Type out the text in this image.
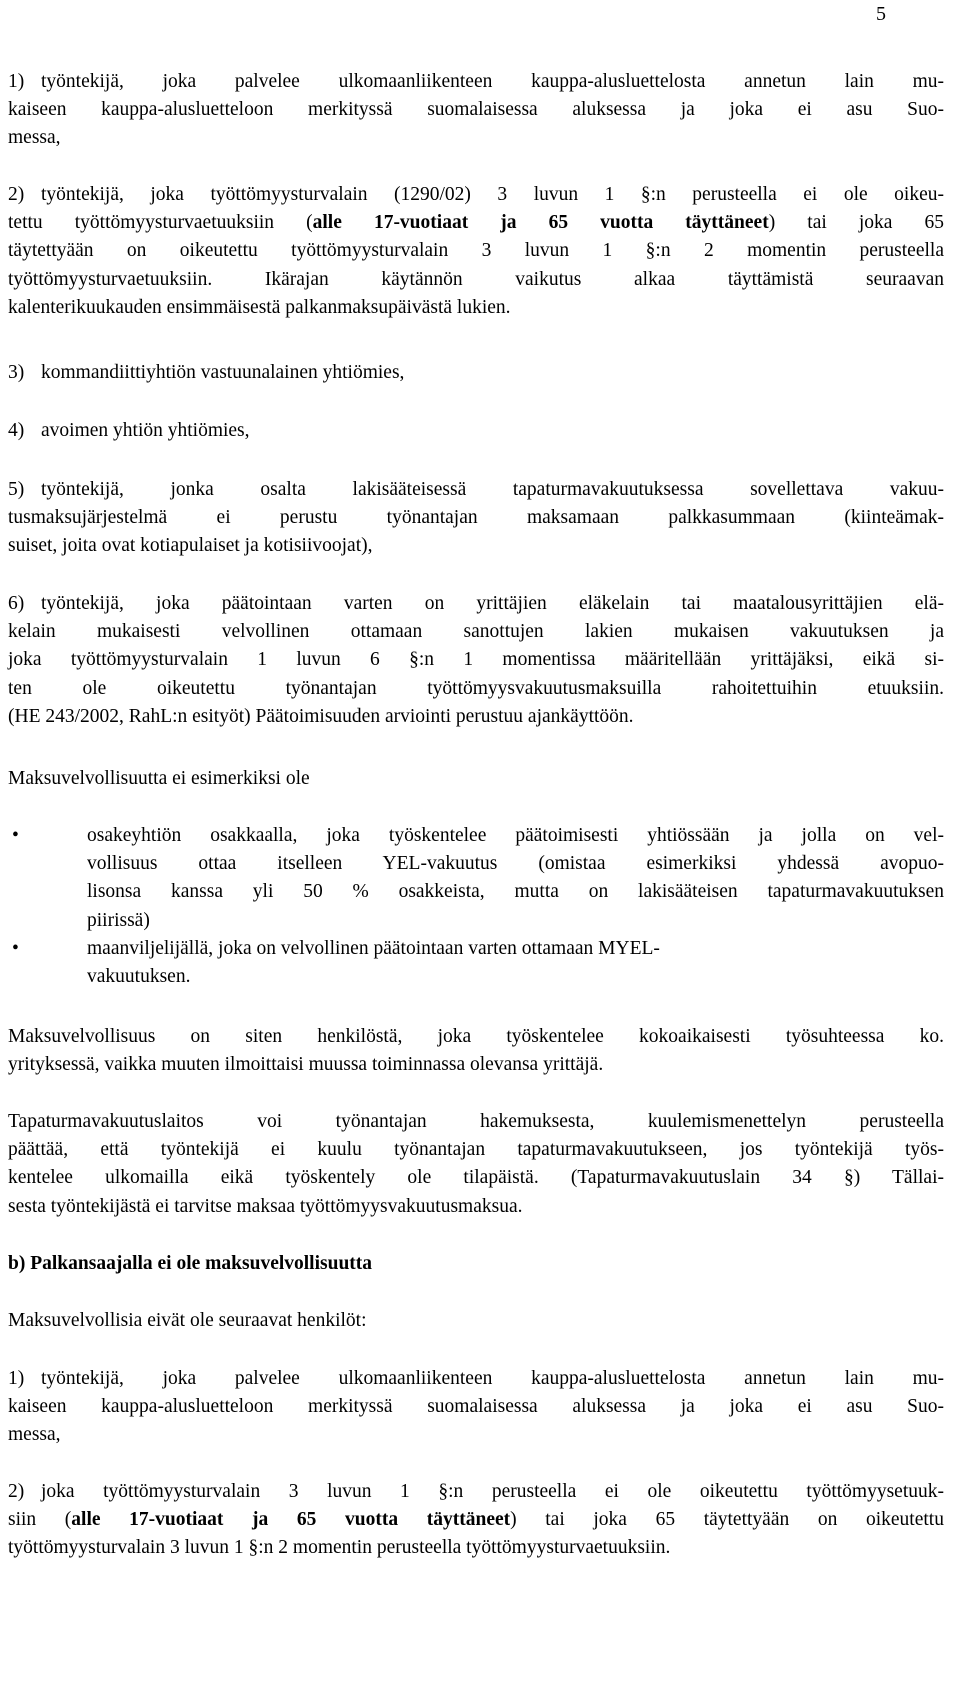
5
1) työntekijä, joka palvelee ulkomaanliikenteen kauppa-alusluettelosta annetun lain mu-
kaiseen kauppa-alusluetteloon merkityssä suomalaisessa aluksessa ja joka ei asu Suo-
messa,
2) työntekijä, joka työttömyysturvalain (1290/02) 3 luvun 1 §:n perusteella ei ole oikeu-
tettu työttömyysturvaetuuksiin (alle 17-vuotiaat ja 65 vuotta täyttäneet) tai joka 65
täytettyään on oikeutettu työttömyysturvalain 3 luvun 1 §:n 2 momentin perusteella
työttömyysturvaetuuksiin. Ikärajan käytännön vaikutus alkaa täyttämistä seuraavan
kalenterikuukauden ensimmäisestä palkanmaksupäivästä lukien.
3) kommandiittiyhtiön vastuunalainen yhtiömies,
4) avoimen yhtiön yhtiömies,
5) työntekijä, jonka osalta lakisääteisessä tapaturmavakuutuksessa sovellettava vakuu-
tusmaksujärjestelmä ei perustu työnantajan maksamaan palkkasummaan (kiinteämak-
suiset, joita ovat kotiapulaiset ja kotisiivoojat),
6) työntekijä, joka päätointaan varten on yrittäjien eläkelain tai maatalousyrittäjien elä-
kelain mukaisesti velvollinen ottamaan sanottujen lakien mukaisen vakuutuksen ja
joka työttömyysturvalain 1 luvun 6 §:n 1 momentissa määritellään yrittäjäksi, eikä si-
ten ole oikeutettu työnantajan työttömyysvakuutusmaksuilla rahoitettuihin etuuksiin.
(HE 243/2002, RahL:n esityöt) Päätoimisuuden arviointi perustuu ajankäyttöön.
Maksuvelvollisuutta ei esimerkiksi ole
•	osakeyhtiön osakkaalla, joka työskentelee päätoimisesti yhtiössään ja jolla on vel-
vollisuus ottaa itselleen YEL-vakuutus (omistaa esimerkiksi yhdessä avopuo-
lisonsa kanssa yli 50 % osakkeista, mutta on lakisääteisen tapaturmavakuutuksen
piirissä)
•	maanviljelijällä, joka on velvollinen päätointaan varten ottamaan MYEL-
vakuutuksen.
Maksuvelvollisuus on siten henkilöstä, joka työskentelee kokoaikaisesti työsuhteessa ko.
yrityksessä, vaikka muuten ilmoittaisi muussa toiminnassa olevansa yrittäjä.
Tapaturmavakuutuslaitos voi työnantajan hakemuksesta, kuulemismenettelyn perusteella
päättää, että työntekijä ei kuulu työnantajan tapaturmavakuutukseen, jos työntekijä työs-
kentelee ulkomailla eikä työskentely ole tilapäistä. (Tapaturmavakuutuslain 34 §) Tällai-
sesta työntekijästä ei tarvitse maksaa työttömyysvakuutusmaksua.
b) Palkansaajalla ei ole maksuvelvollisuutta
Maksuvelvollisia eivät ole seuraavat henkilöt:
1) työntekijä, joka palvelee ulkomaanliikenteen kauppa-alusluettelosta annetun lain mu-
kaiseen kauppa-alusluetteloon merkityssä suomalaisessa aluksessa ja joka ei asu Suo-
messa,
2) joka työttömyysturvalain 3 luvun 1 §:n perusteella ei ole oikeutettu työttömyysetuuk-
siin (alle 17-vuotiaat ja 65 vuotta täyttäneet) tai joka 65 täytettyään on oikeutettu
työttömyysturvalain 3 luvun 1 §:n 2 momentin perusteella työttömyysturvaetuuksiin.
